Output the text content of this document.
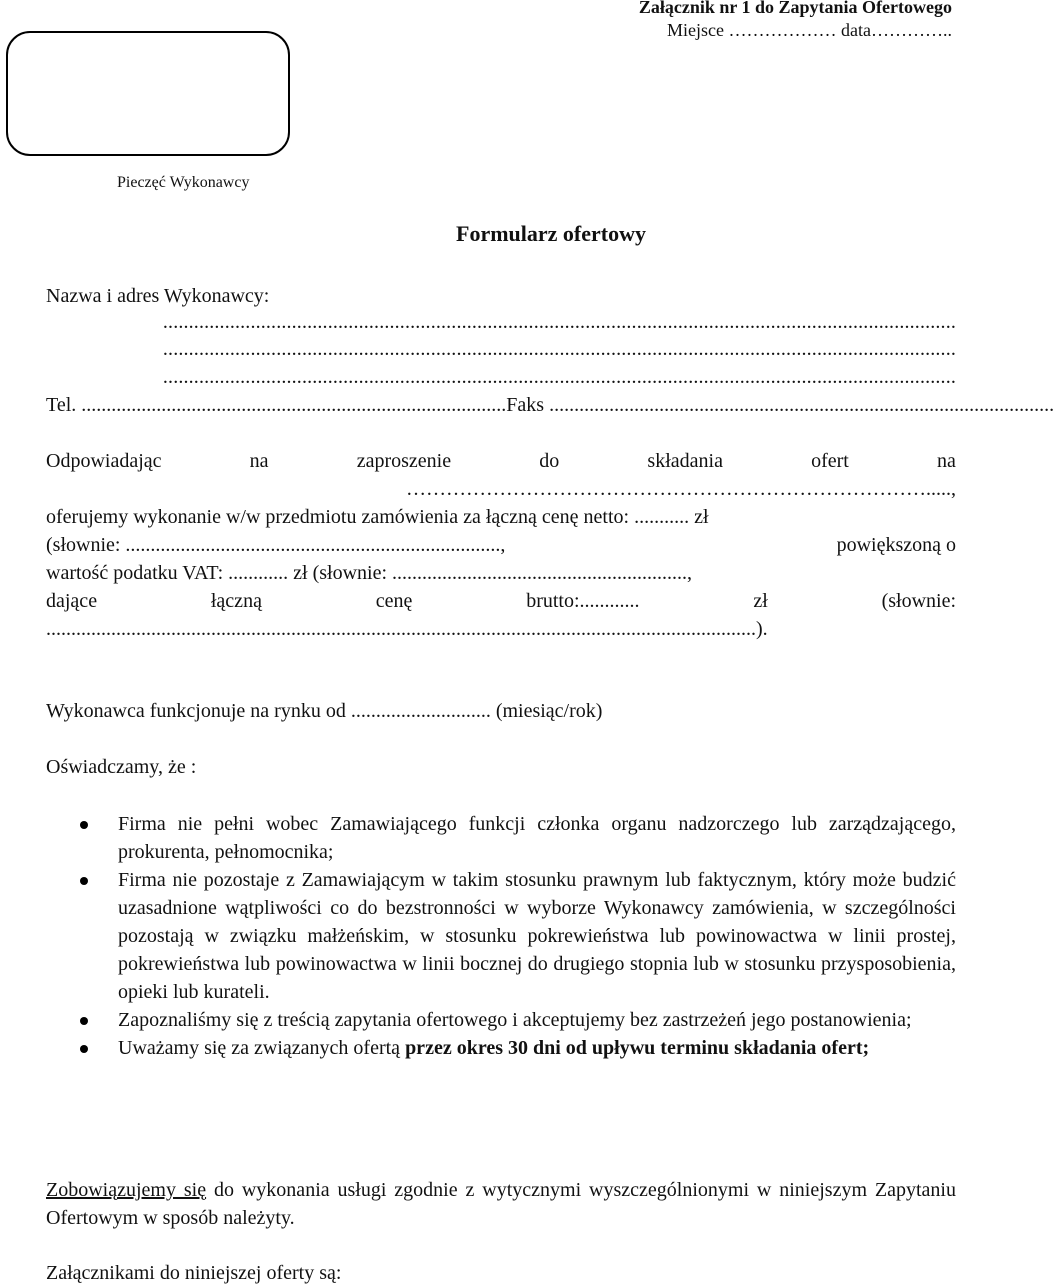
Załącznik nr 1 do Zapytania Ofertowego
Miejsce ……………… data…………..
Pieczęć Wykonawcy
Formularz ofertowy
Nazwa i adres Wykonawcy:
..........................................................................................................................................................
..........................................................................................................................................................
..........................................................................................................................................................
Tel. ..................................................................................... Faks .....................................................................................................
Odpowiadając	na	zaproszenie	do	składania	ofert	na
…………………………………………………………………….....,
oferujemy wykonanie w/w przedmiotu zamówienia za łączną cenę netto: ........... zł
(słownie: ...........................................................................,	powiększoną o
wartość podatku VAT: ............ zł (słownie: ...........................................................,
dające	łączną	cenę	brutto:............	zł	(słownie:
..............................................................................................................................................).
Wykonawca funkcjonuje na rynku od ............................ (miesiąc/rok)
Oświadczamy, że :
Firma nie pełni wobec Zamawiającego funkcji członka organu nadzorczego lub zarządzającego, prokurenta, pełnomocnika;
Firma nie pozostaje z Zamawiającym w takim stosunku prawnym lub faktycznym, który może budzić uzasadnione wątpliwości co do bezstronności w wyborze Wykonawcy zamówienia, w szczególności pozostają w związku małżeńskim, w stosunku pokrewieństwa lub powinowactwa w linii prostej, pokrewieństwa lub powinowactwa w linii bocznej do drugiego stopnia lub w stosunku przysposobienia, opieki lub kurateli.
Zapoznaliśmy się z treścią zapytania ofertowego i akceptujemy bez zastrzeżeń jego postanowienia;
Uważamy się za związanych ofertą przez okres 30 dni od upływu terminu składania ofert;
Zobowiązujemy się do wykonania usługi zgodnie z wytycznymi wyszczególnionymi w niniejszym Zapytaniu Ofertowym w sposób należyty.
Załącznikami do niniejszej oferty są:
